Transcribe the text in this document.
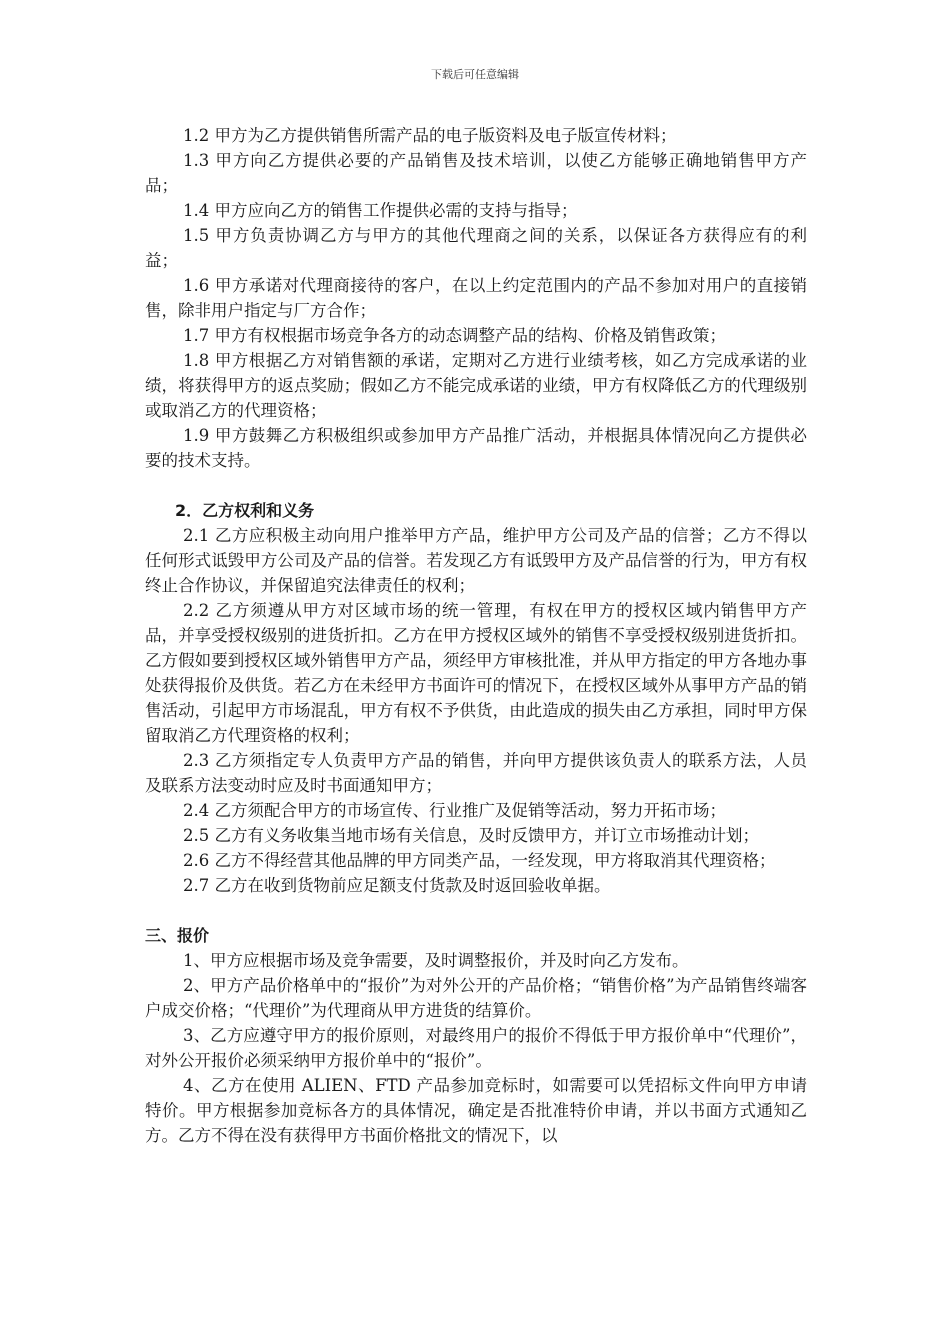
下载后可任意编辑

1.2 甲方为乙方提供销售所需产品的电子版资料及电子版宣传材料；

1.3 甲方向乙方提供必要的产品销售及技术培训，以使乙方能够正确地销售甲方产品；

1.4 甲方应向乙方的销售工作提供必需的支持与指导；

1.5 甲方负责协调乙方与甲方的其他代理商之间的关系，以保证各方获得应有的利益；

1.6 甲方承诺对代理商接待的客户，在以上约定范围内的产品不参加对用户的直接销售，除非用户指定与厂方合作；

1.7 甲方有权根据市场竞争各方的动态调整产品的结构、价格及销售政策；

1.8 甲方根据乙方对销售额的承诺，定期对乙方进行业绩考核，如乙方完成承诺的业绩，将获得甲方的返点奖励；假如乙方不能完成承诺的业绩，甲方有权降低乙方的代理级别或取消乙方的代理资格；

1.9 甲方鼓舞乙方积极组织或参加甲方产品推广活动，并根据具体情况向乙方提供必要的技术支持。

2．乙方权利和义务

2.1 乙方应积极主动向用户推举甲方产品，维护甲方公司及产品的信誉；乙方不得以任何形式诋毁甲方公司及产品的信誉。若发现乙方有诋毁甲方及产品信誉的行为，甲方有权终止合作协议，并保留追究法律责任的权利；

2.2 乙方须遵从甲方对区域市场的统一管理，有权在甲方的授权区域内销售甲方产品，并享受授权级别的进货折扣。乙方在甲方授权区域外的销售不享受授权级别进货折扣。乙方假如要到授权区域外销售甲方产品，须经甲方审核批准，并从甲方指定的甲方各地办事处获得报价及供货。若乙方在未经甲方书面许可的情况下，在授权区域外从事甲方产品的销售活动，引起甲方市场混乱，甲方有权不予供货，由此造成的损失由乙方承担，同时甲方保留取消乙方代理资格的权利；

2.3 乙方须指定专人负责甲方产品的销售，并向甲方提供该负责人的联系方法，人员及联系方法变动时应及时书面通知甲方；

2.4 乙方须配合甲方的市场宣传、行业推广及促销等活动，努力开拓市场；

2.5 乙方有义务收集当地市场有关信息，及时反馈甲方，并订立市场推动计划；

2.6 乙方不得经营其他品牌的甲方同类产品，一经发现，甲方将取消其代理资格；

2.7 乙方在收到货物前应足额支付货款及时返回验收单据。

三、报价

1、甲方应根据市场及竞争需要，及时调整报价，并及时向乙方发布。

2、甲方产品价格单中的“报价”为对外公开的产品价格；“销售价格”为产品销售终端客户成交价格；“代理价”为代理商从甲方进货的结算价。

3、乙方应遵守甲方的报价原则，对最终用户的报价不得低于甲方报价单中“代理价”，对外公开报价必须采纳甲方报价单中的“报价”。

4、乙方在使用 ALIEN、FTD 产品参加竞标时，如需要可以凭招标文件向甲方申请特价。甲方根据参加竞标各方的具体情况，确定是否批准特价申请，并以书面方式通知乙方。乙方不得在没有获得甲方书面价格批文的情况下，以
